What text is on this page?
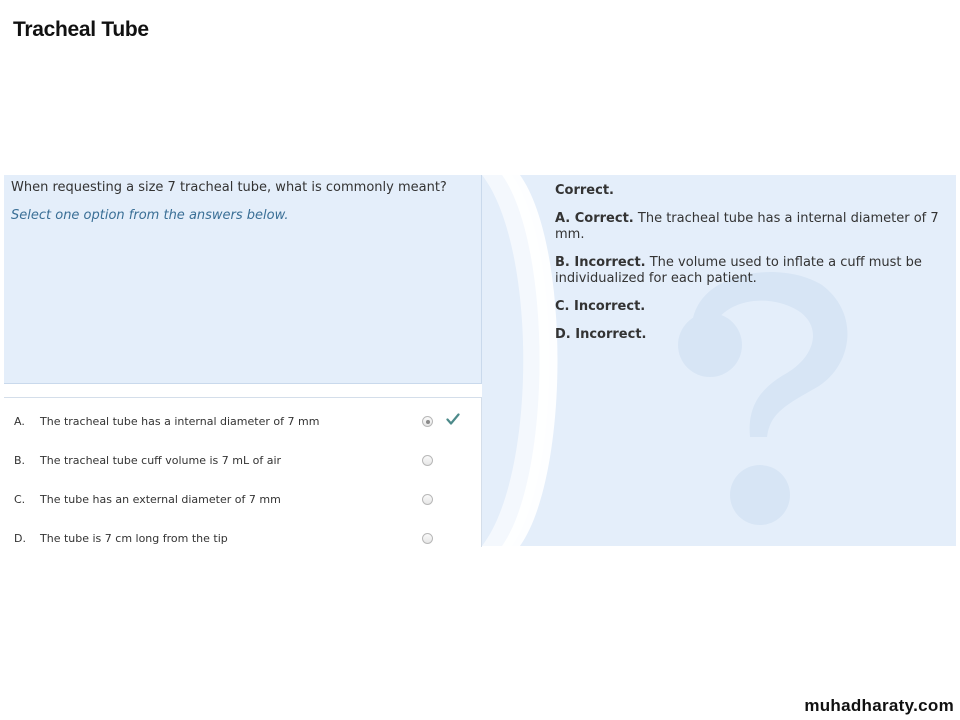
Tracheal Tube
When requesting a size 7 tracheal tube, what is commonly meant?
Select one option from the answers below.
A. The tracheal tube has a internal diameter of 7 mm
B. The tracheal tube cuff volume is 7 mL of air
C. The tube has an external diameter of 7 mm
D. The tube is 7 cm long from the tip
Correct.
A. Correct. The tracheal tube has a internal diameter of 7 mm.
B. Incorrect. The volume used to inflate a cuff must be individualized for each patient.
C. Incorrect.
D. Incorrect.
muhadharaty.com
